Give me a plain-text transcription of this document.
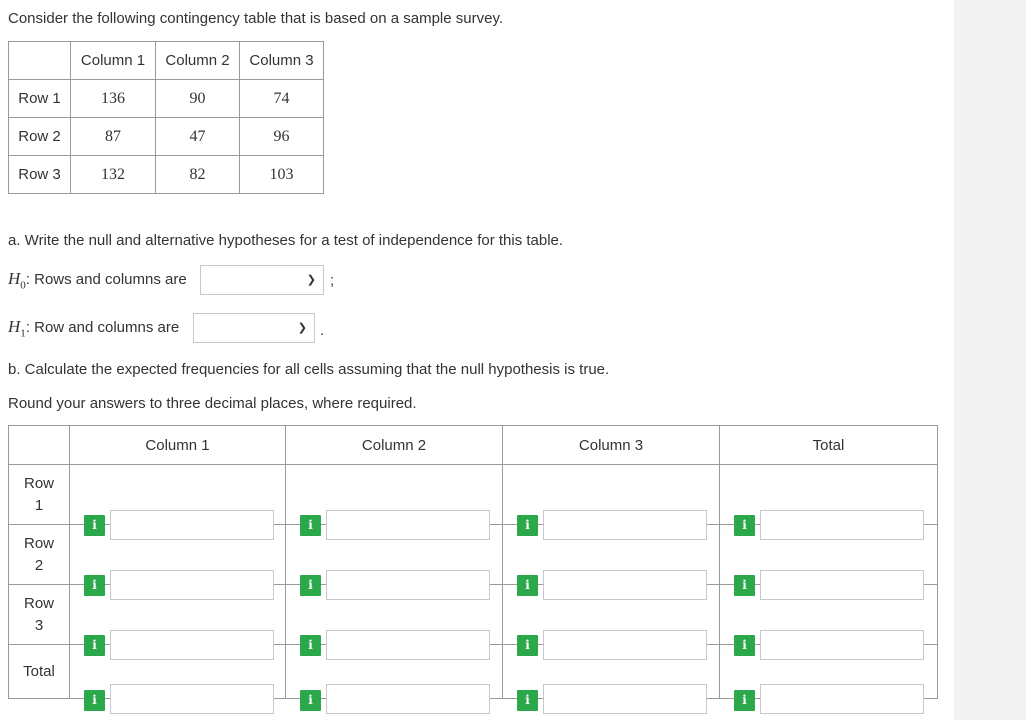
Consider the following contingency table that is based on a sample survey.
	Column 1	Column 2	Column 3
Row 1	136	90	74
Row 2	87	47	96
Row 3	132	82	103
a. Write the null and alternative hypotheses for a test of independence for this table.
$H_0$: Rows and columns are	❯ ;
$H_1$: Row and columns are	❯ .
b. Calculate the expected frequencies for all cells assuming that the null hypothesis is true.
Round your answers to three decimal places, where required.
	Column 1	Column 2	Column 3	Total

Row
1	i	i	i	i

Row
2	i	i	i	i

Row
3	i	i	i	i

Total	i	i	i	i
